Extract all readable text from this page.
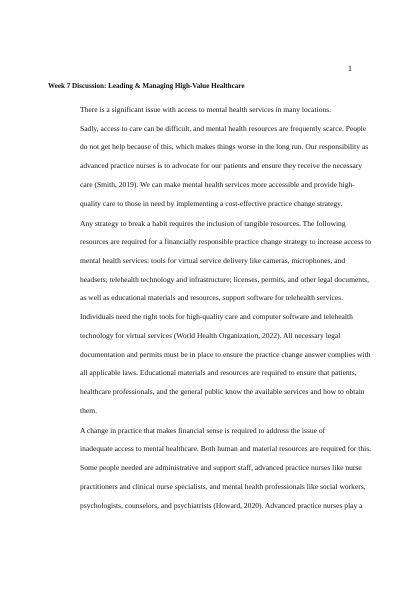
1
Week 7 Discussion: Leading & Managing High-Value Healthcare
There is a significant issue with access to mental health services in many locations.
Sadly, access to care can be difficult, and mental health resources are frequently scarce. People
do not get help because of this, which makes things worse in the long run. Our responsibility as
advanced practice nurses is to advocate for our patients and ensure they receive the necessary
care (Smith, 2019). We can make mental health services more accessible and provide high-
quality care to those in need by implementing a cost-effective practice change strategy.
Any strategy to break a habit requires the inclusion of tangible resources. The following
resources are required for a financially responsible practice change strategy to increase access to
mental health services: tools for virtual service delivery like cameras, microphones, and
headsets; telehealth technology and infrastructure; licenses, permits, and other legal documents,
as well as educational materials and resources, support software for telehealth services.
Individuals need the right tools for high-quality care and computer software and telehealth
technology for virtual services (World Health Organization, 2022). All necessary legal
documentation and permits must be in place to ensure the practice change answer complies with
all applicable laws. Educational materials and resources are required to ensure that patients,
healthcare professionals, and the general public know the available services and how to obtain
them.
A change in practice that makes financial sense is required to address the issue of
inadequate access to mental healthcare. Both human and material resources are required for this.
Some people needed are administrative and support staff, advanced practice nurses like nurse
practitioners and clinical nurse specialists, and mental health professionals like social workers,
psychologists, counselors, and psychiatrists (Howard, 2020). Advanced practice nurses play a
